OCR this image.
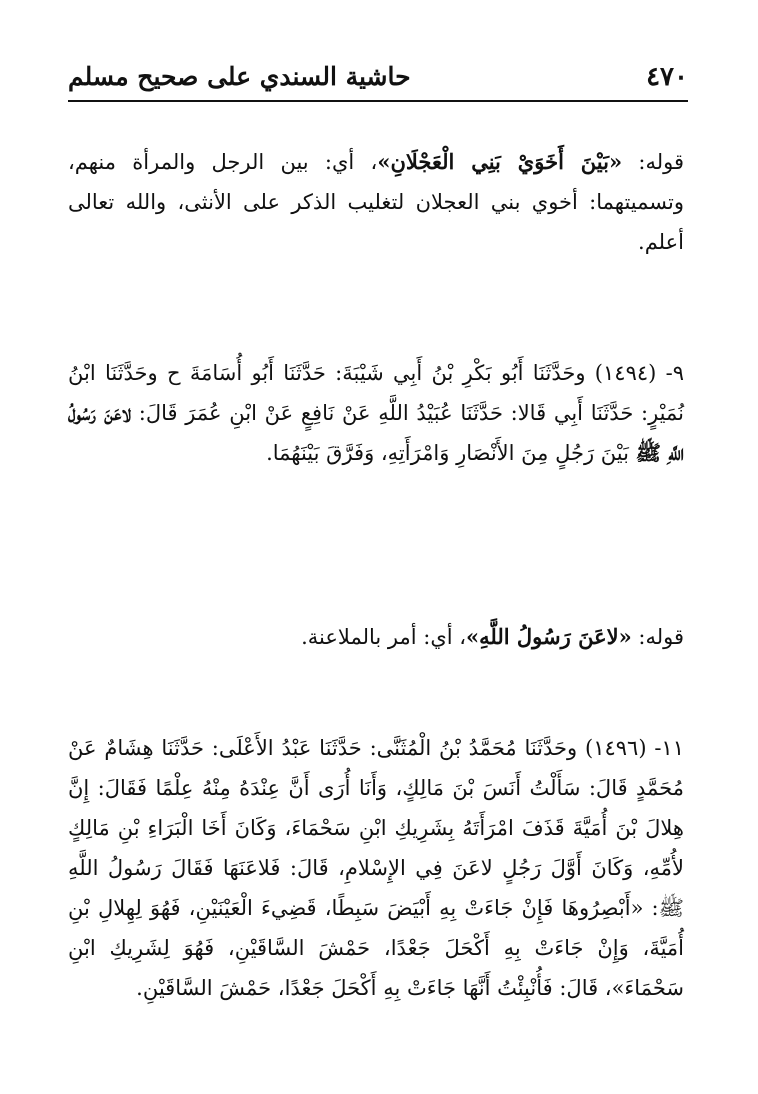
٤٧٠
حاشية السندي على صحيح مسلم

قوله: «بَيْنَ أَخَوَيْ بَنِي الْعَجْلَانِ»، أي: بين الرجل والمرأة منهم، وتسميتهما: أخوي بني العجلان لتغليب الذكر على الأنثى، والله تعالى أعلم.

٩- (١٤٩٤) وحَدَّثَنَا أَبُو بَكْرِ بْنُ أَبِي شَيْبَةَ: حَدَّثَنَا أَبُو أُسَامَةَ ح وحَدَّثَنَا ابْنُ نُمَيْرٍ: حَدَّثَنَا أَبِي قَالا: حَدَّثَنَا عُبَيْدُ اللَّهِ عَنْ نَافِعٍ عَنْ ابْنِ عُمَرَ قَالَ: لاعَنَ رَسُولُ اللَّهِ ﷺ بَيْنَ رَجُلٍ مِنَ الأَنْصَارِ وَامْرَأَتِهِ، وَفَرَّقَ بَيْنَهُمَا.

قوله: «لاعَنَ رَسُولُ اللَّهِ»، أي: أمر بالملاعنة.

١١- (١٤٩٦) وحَدَّثَنَا مُحَمَّدُ بْنُ الْمُثَنَّى: حَدَّثَنَا عَبْدُ الأَعْلَى: حَدَّثَنَا هِشَامٌ عَنْ مُحَمَّدٍ قَالَ: سَأَلْتُ أَنَسَ بْنَ مَالِكٍ، وَأَنَا أُرَى أَنَّ عِنْدَهُ مِنْهُ عِلْمًا فَقَالَ: إِنَّ هِلالَ بْنَ أُمَيَّةَ قَذَفَ امْرَأَتَهُ بِشَرِيكِ ابْنِ سَحْمَاءَ، وَكَانَ أَخَا الْبَرَاءِ بْنِ مَالِكٍ لأُمِّهِ، وَكَانَ أَوَّلَ رَجُلٍ لاعَنَ فِي الإِسْلامِ، قَالَ: فَلاعَنَهَا فَقَالَ رَسُولُ اللَّهِ ﷺ: «أَبْصِرُوهَا فَإِنْ جَاءَتْ بِهِ أَبْيَضَ سَبِطًا، قَضِيءَ الْعَيْنَيْنِ، فَهُوَ لِهِلالِ بْنِ أُمَيَّةَ، وَإِنْ جَاءَتْ بِهِ أَكْحَلَ جَعْدًا، حَمْشَ السَّاقَيْنِ، فَهُوَ لِشَرِيكِ ابْنِ سَحْمَاءَ»، قَالَ: فَأُنْبِئْتُ أَنَّهَا جَاءَتْ بِهِ أَكْحَلَ جَعْدًا، حَمْشَ السَّاقَيْنِ.
